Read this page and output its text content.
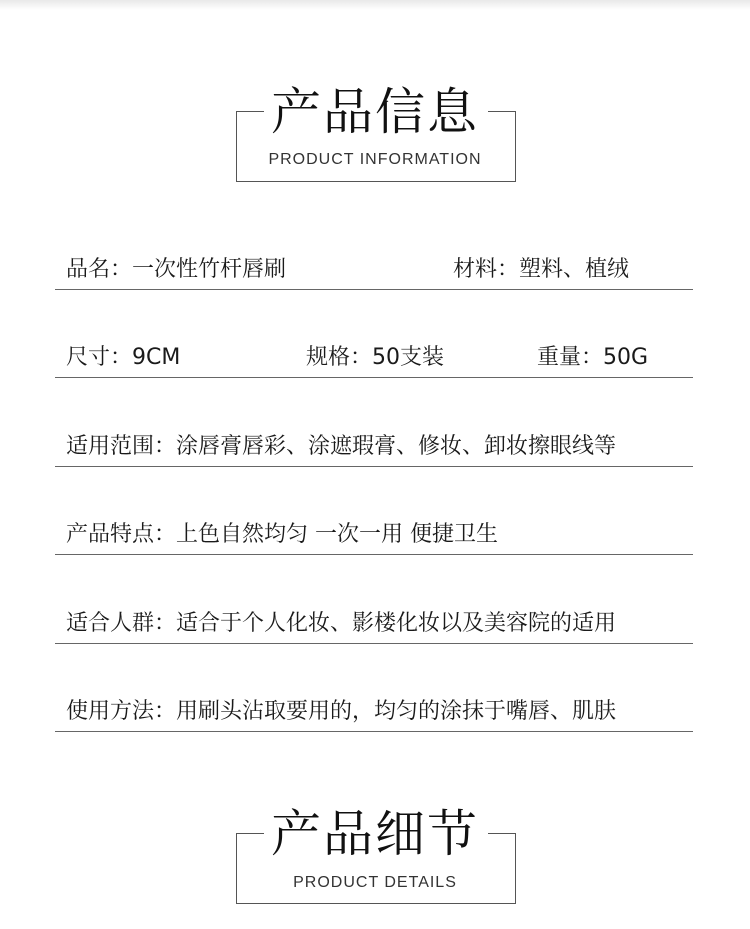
产品信息
PRODUCT INFORMATION
品名：一次性竹杆唇刷	材料：塑料、植绒
尺寸：9CM	规格：50支装	重量：50G
适用范围：涂唇膏唇彩、涂遮瑕膏、修妆、卸妆擦眼线等
产品特点：上色自然均匀 一次一用 便捷卫生
适合人群：适合于个人化妆、影楼化妆以及美容院的适用
使用方法：用刷头沾取要用的，均匀的涂抹于嘴唇、肌肤
产品细节
PRODUCT DETAILS
